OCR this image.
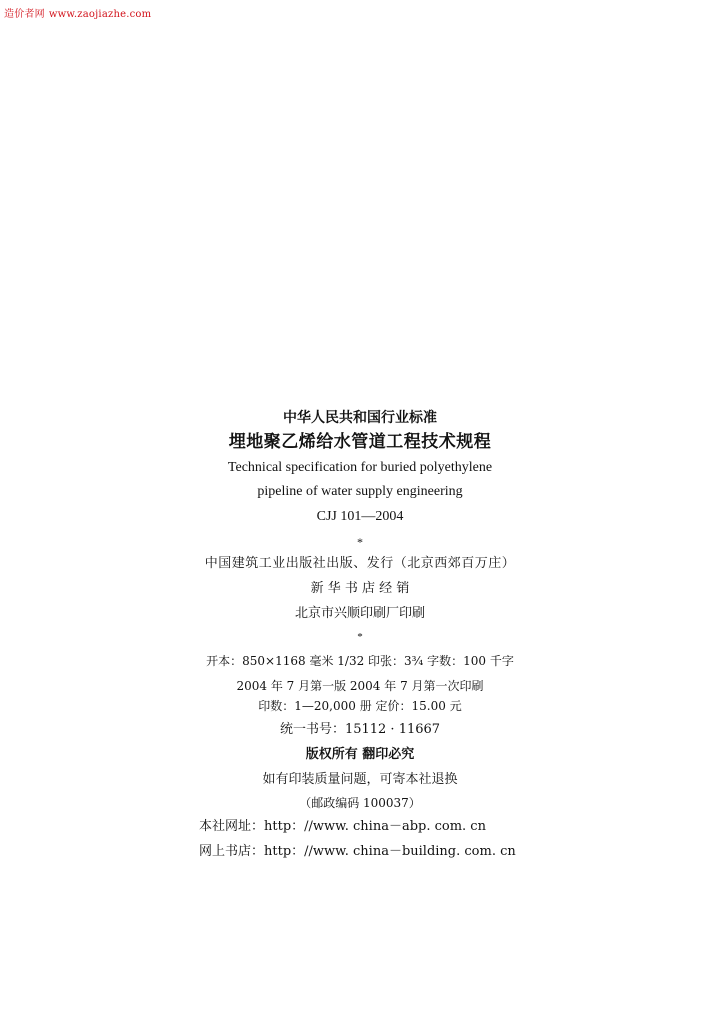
造价者网 www.zaojiazhe.com
中华人民共和国行业标准
埋地聚乙烯给水管道工程技术规程
Technical specification for buried polyethylene
pipeline of water supply engineering
CJJ 101—2004
*
中国建筑工业出版社出版、发行（北京西郊百万庄）
新 华 书 店 经 销
北京市兴顺印刷厂印刷
*
开本：850×1168 毫米 1/32 印张：3¾ 字数：100 千字
2004 年 7 月第一版 2004 年 7 月第一次印刷
印数：1—20,000 册 定价：15.00 元
统一书号：15112 · 11667
版权所有 翻印必究
如有印装质量问题，可寄本社退换
（邮政编码 100037）
本社网址：http：//www. china－abp. com. cn
网上书店：http：//www. china－building. com. cn
